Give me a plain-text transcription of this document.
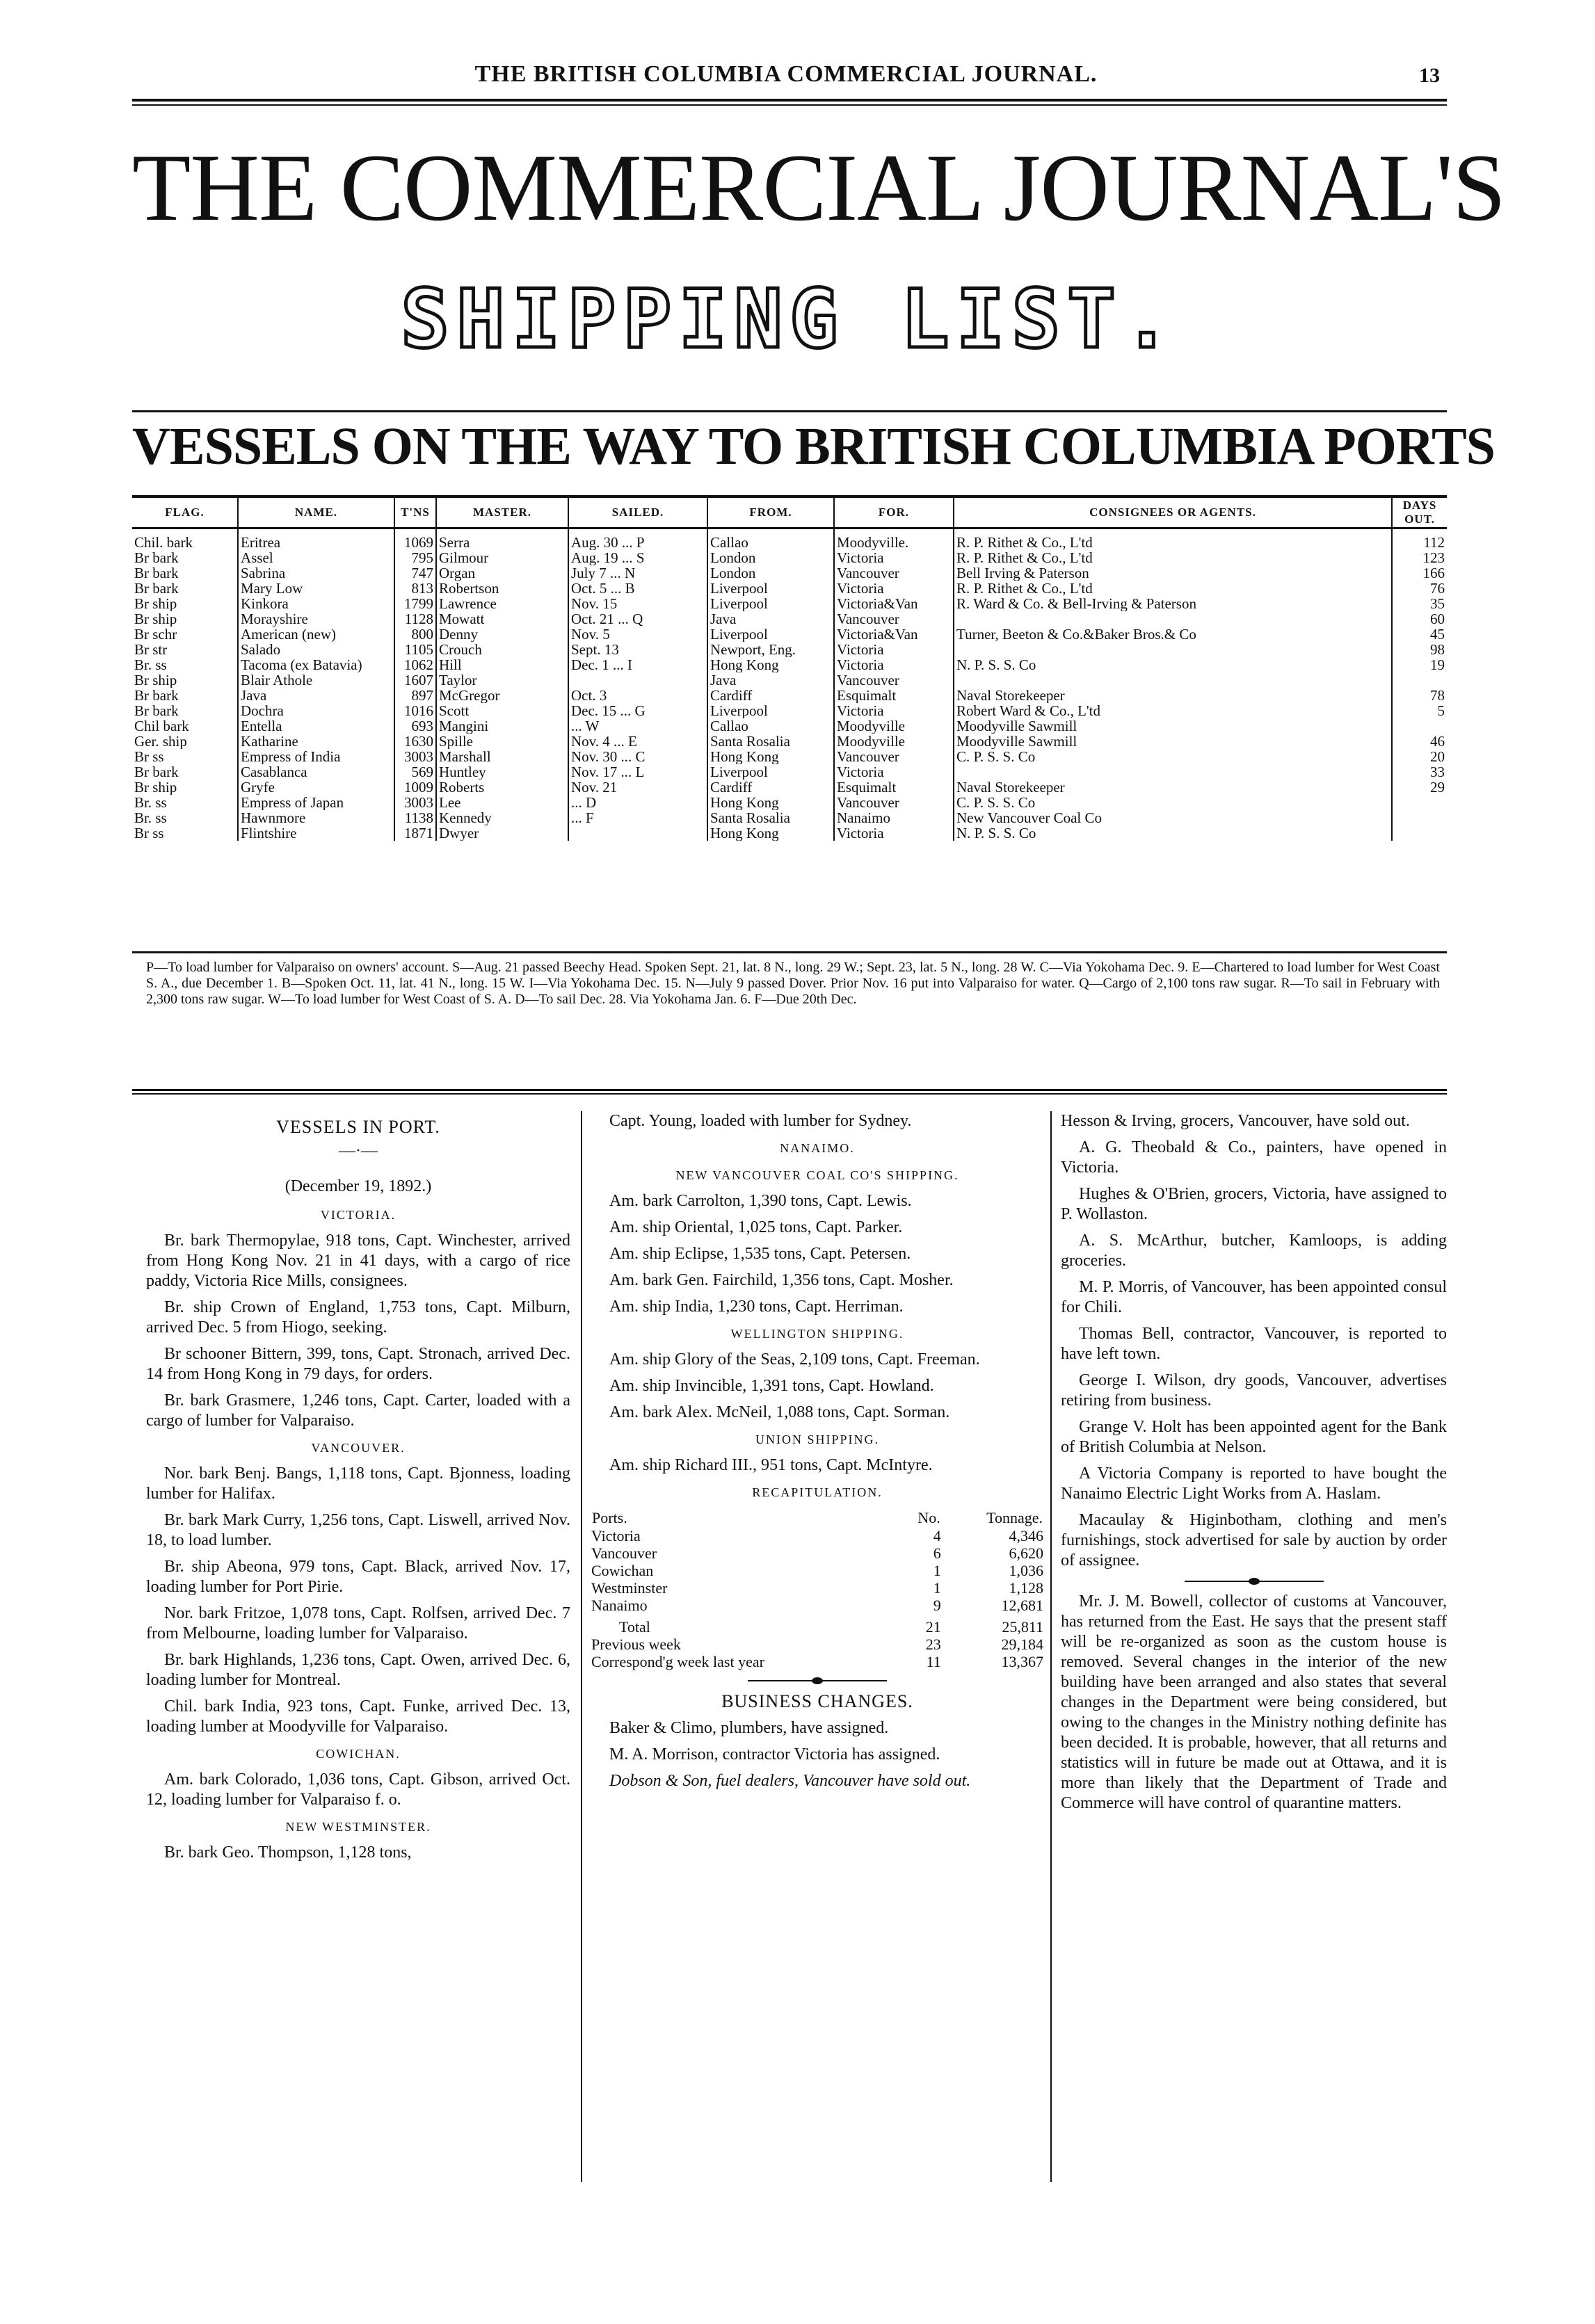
THE BRITISH COLUMBIA COMMERCIAL JOURNAL.	13
THE COMMERCIAL JOURNAL'S
SHIPPING LIST.
VESSELS ON THE WAY TO BRITISH COLUMBIA PORTS
FLAG.	NAME.	T'NS	MASTER.	SAILED.	FROM.	FOR.	CONSIGNEES OR AGENTS.	DAYS OUT.
Chil. bark	Eritrea	1069	Serra	Aug. 30 ... P	Callao	Moodyville.	R. P. Rithet & Co., L'td	112
Br bark	Assel	795	Gilmour	Aug. 19 ... S	London	Victoria	R. P. Rithet & Co., L'td	123
Br bark	Sabrina	747	Organ	July 7 ... N	London	Vancouver	Bell Irving & Paterson	166
Br bark	Mary Low	813	Robertson	Oct. 5 ... B	Liverpool	Victoria	R. P. Rithet & Co., L'td	76
Br ship	Kinkora	1799	Lawrence	Nov. 15	Liverpool	Victoria&Van	R. Ward & Co. & Bell-Irving & Paterson	35
Br ship	Morayshire	1128	Mowatt	Oct. 21 ... Q	Java	Vancouver		60
Br schr	American (new)	800	Denny	Nov. 5	Liverpool	Victoria&Van	Turner, Beeton & Co.&Baker Bros.& Co	45
Br str	Salado	1105	Crouch	Sept. 13	Newport, Eng.	Victoria		98
Br. ss	Tacoma (ex Batavia)	1062	Hill	Dec. 1 ... I	Hong Kong	Victoria	N. P. S. S. Co	19
Br ship	Blair Athole	1607	Taylor		Java	Vancouver		
Br bark	Java	897	McGregor	Oct. 3	Cardiff	Esquimalt	Naval Storekeeper	78
Br bark	Dochra	1016	Scott	Dec. 15 ... G	Liverpool	Victoria	Robert Ward & Co., L'td	5
Chil bark	Entella	693	Mangini	... W	Callao	Moodyville	Moodyville Sawmill	
Ger. ship	Katharine	1630	Spille	Nov. 4 ... E	Santa Rosalia	Moodyville	Moodyville Sawmill	46
Br ss	Empress of India	3003	Marshall	Nov. 30 ... C	Hong Kong	Vancouver	C. P. S. S. Co	20
Br bark	Casablanca	569	Huntley	Nov. 17 ... L	Liverpool	Victoria		33
Br ship	Gryfe	1009	Roberts	Nov. 21	Cardiff	Esquimalt	Naval Storekeeper	29
Br. ss	Empress of Japan	3003	Lee	... D	Hong Kong	Vancouver	C. P. S. S. Co	
Br. ss	Hawnmore	1138	Kennedy	... F	Santa Rosalia	Nanaimo	New Vancouver Coal Co	
Br ss	Flintshire	1871	Dwyer		Hong Kong	Victoria	N. P. S. S. Co	
P—To load lumber for Valparaiso on owners' account. S—Aug. 21 passed Beechy Head. Spoken Sept. 21, lat. 8 N., long. 29 W.; Sept. 23, lat. 5 N., long. 28 W. C—Via Yokohama Dec. 9. E—Chartered to load lumber for West Coast S. A., due December 1. B—Spoken Oct. 11, lat. 41 N., long. 15 W. I—Via Yokohama Dec. 15. N—July 9 passed Dover. Prior Nov. 16 put into Valparaiso for water. Q—Cargo of 2,100 tons raw sugar. R—To sail in February with 2,300 tons raw sugar. W—To load lumber for West Coast of S. A. D—To sail Dec. 28. Via Yokohama Jan. 6. F—Due 20th Dec.
VESSELS IN PORT.
—·—
(December 19, 1892.)
VICTORIA.

Br. bark Thermopylae, 918 tons, Capt. Winchester, arrived from Hong Kong Nov. 21 in 41 days, with a cargo of rice paddy, Victoria Rice Mills, consignees.

Br. ship Crown of England, 1,753 tons, Capt. Milburn, arrived Dec. 5 from Hiogo, seeking.

Br schooner Bittern, 399, tons, Capt. Stronach, arrived Dec. 14 from Hong Kong in 79 days, for orders.

Br. bark Grasmere, 1,246 tons, Capt. Carter, loaded with a cargo of lumber for Valparaiso.

VANCOUVER.

Nor. bark Benj. Bangs, 1,118 tons, Capt. Bjonness, loading lumber for Halifax.

Br. bark Mark Curry, 1,256 tons, Capt. Liswell, arrived Nov. 18, to load lumber.

Br. ship Abeona, 979 tons, Capt. Black, arrived Nov. 17, loading lumber for Port Pirie.

Nor. bark Fritzoe, 1,078 tons, Capt. Rolfsen, arrived Dec. 7 from Melbourne, loading lumber for Valparaiso.

Br. bark Highlands, 1,236 tons, Capt. Owen, arrived Dec. 6, loading lumber for Montreal.

Chil. bark India, 923 tons, Capt. Funke, arrived Dec. 13, loading lumber at Moodyville for Valparaiso.

COWICHAN.

Am. bark Colorado, 1,036 tons, Capt. Gibson, arrived Oct. 12, loading lumber for Valparaiso f. o.

NEW WESTMINSTER.

Br. bark Geo. Thompson, 1,128 tons,

Capt. Young, loaded with lumber for Sydney.

NANAIMO.
NEW VANCOUVER COAL CO'S SHIPPING.

Am. bark Carrolton, 1,390 tons, Capt. Lewis.

Am. ship Oriental, 1,025 tons, Capt. Parker.

Am. ship Eclipse, 1,535 tons, Capt. Petersen.

Am. bark Gen. Fairchild, 1,356 tons, Capt. Mosher.

Am. ship India, 1,230 tons, Capt. Herriman.

WELLINGTON SHIPPING.

Am. ship Glory of the Seas, 2,109 tons, Capt. Freeman.

Am. ship Invincible, 1,391 tons, Capt. Howland.

Am. bark Alex. McNeil, 1,088 tons, Capt. Sorman.

UNION SHIPPING.

Am. ship Richard III., 951 tons, Capt. McIntyre.

RECAPITULATION.
Ports.	No.	Tonnage.
Victoria	4	4,346
Vancouver	6	6,620
Cowichan	1	1,036
Westminster	1	1,128
Nanaimo	9	12,681
Total	21	25,811
Previous week	23	29,184
Correspond'g week last year	11	13,367
BUSINESS CHANGES.

Baker & Climo, plumbers, have assigned.

M. A. Morrison, contractor Victoria has assigned.

Dobson & Son, fuel dealers, Vancouver have sold out.

Hesson & Irving, grocers, Vancouver, have sold out.

A. G. Theobald & Co., painters, have opened in Victoria.

Hughes & O'Brien, grocers, Victoria, have assigned to P. Wollaston.

A. S. McArthur, butcher, Kamloops, is adding groceries.

M. P. Morris, of Vancouver, has been appointed consul for Chili.

Thomas Bell, contractor, Vancouver, is reported to have left town.

George I. Wilson, dry goods, Vancouver, advertises retiring from business.

Grange V. Holt has been appointed agent for the Bank of British Columbia at Nelson.

A Victoria Company is reported to have bought the Nanaimo Electric Light Works from A. Haslam.

Macaulay & Higinbotham, clothing and men's furnishings, stock advertised for sale by auction by order of assignee.

Mr. J. M. Bowell, collector of customs at Vancouver, has returned from the East. He says that the present staff will be re-organized as soon as the custom house is removed. Several changes in the interior of the new building have been arranged and also states that several changes in the Department were being considered, but owing to the changes in the Ministry nothing definite has been decided. It is probable, however, that all returns and statistics will in future be made out at Ottawa, and it is more than likely that the Department of Trade and Commerce will have control of quarantine matters.
